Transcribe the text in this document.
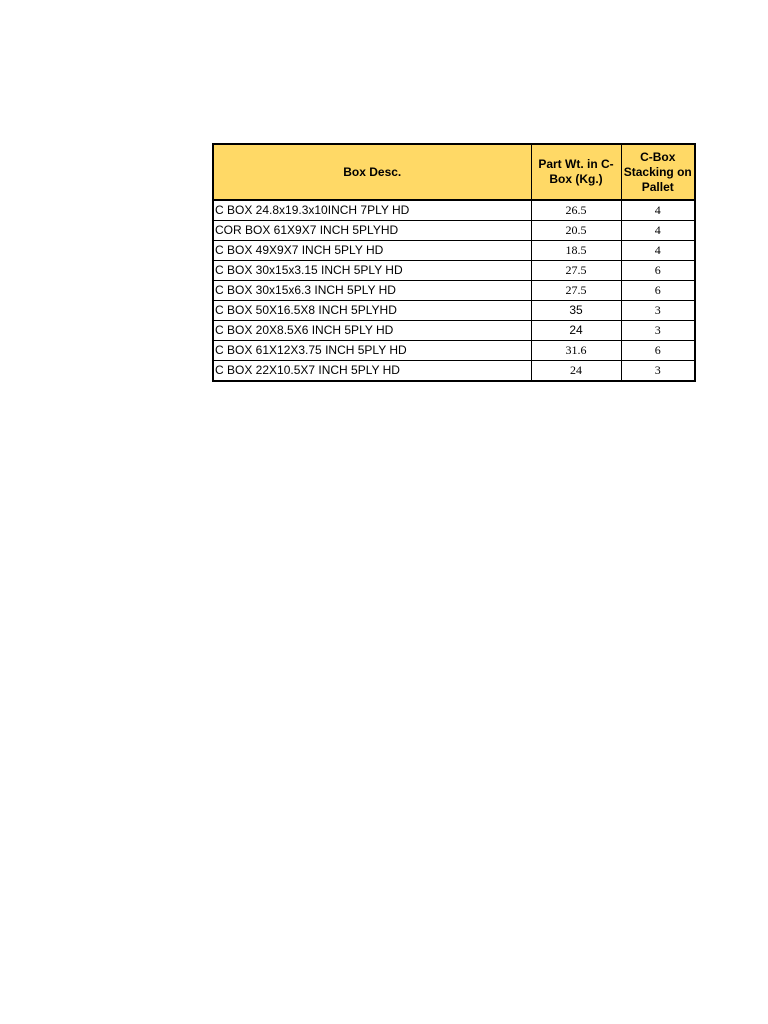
Box Desc.	Part Wt. in C-Box (Kg.)	C-Box Stacking on Pallet
C BOX 24.8x19.3x10INCH 7PLY HD	26.5	4
COR BOX 61X9X7 INCH 5PLYHD	20.5	4
C BOX 49X9X7 INCH 5PLY HD	18.5	4
C BOX 30x15x3.15 INCH 5PLY HD	27.5	6
C BOX 30x15x6.3 INCH 5PLY HD	27.5	6
C BOX 50X16.5X8 INCH 5PLYHD	35	3
C BOX 20X8.5X6 INCH 5PLY HD	24	3
C BOX 61X12X3.75 INCH 5PLY HD	31.6	6
C BOX 22X10.5X7 INCH 5PLY HD	24	3
